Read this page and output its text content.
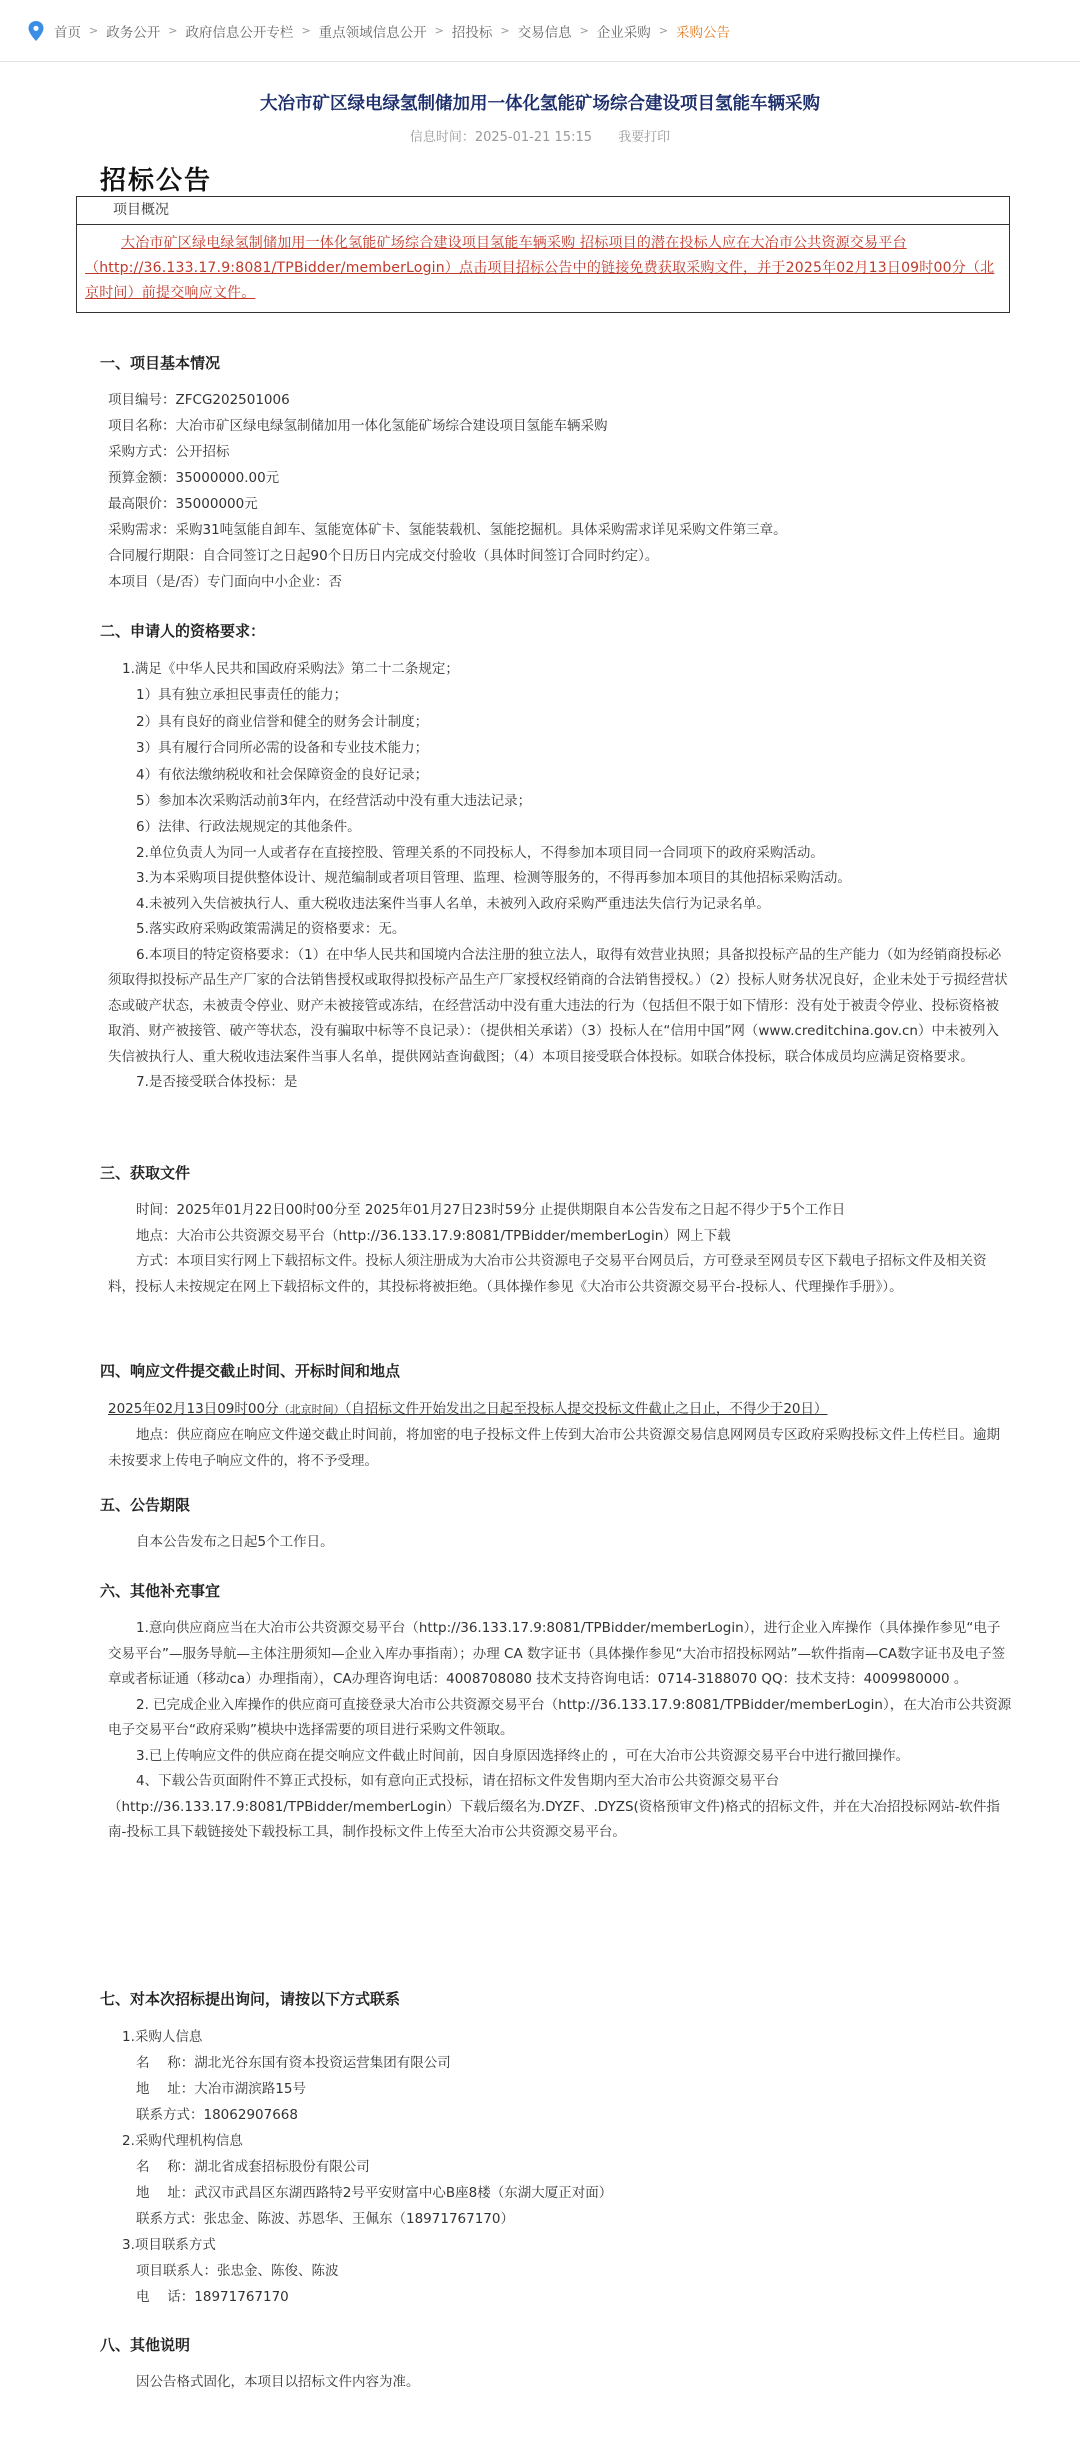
首页 > 政务公开 > 政府信息公开专栏 > 重点领域信息公开 > 招投标 > 交易信息 > 企业采购 > 采购公告
大冶市矿区绿电绿氢制储加用一体化氢能矿场综合建设项目氢能车辆采购
信息时间：2025-01-21 15:15 我要打印
招标公告
项目概况
大冶市矿区绿电绿氢制储加用一体化氢能矿场综合建设项目氢能车辆采购 招标项目的潜在投标人应在大冶市公共资源交易平台（http://36.133.17.9:8081/TPBidder/memberLogin）点击项目招标公告中的链接免费获取采购文件，并于2025年02月13日09时00分（北京时间）前提交响应文件。
一、项目基本情况
项目编号：ZFCG202501006
项目名称：大冶市矿区绿电绿氢制储加用一体化氢能矿场综合建设项目氢能车辆采购
采购方式：公开招标
预算金额：35000000.00元
最高限价：35000000元
采购需求：采购31吨氢能自卸车、氢能宽体矿卡、氢能装载机、氢能挖掘机。具体采购需求详见采购文件第三章。
合同履行期限：自合同签订之日起90个日历日内完成交付验收（具体时间签订合同时约定）。
本项目（是/否）专门面向中小企业：否
二、申请人的资格要求：
1.满足《中华人民共和国政府采购法》第二十二条规定；
1）具有独立承担民事责任的能力；
2）具有良好的商业信誉和健全的财务会计制度；
3）具有履行合同所必需的设备和专业技术能力；
4）有依法缴纳税收和社会保障资金的良好记录；
5）参加本次采购活动前3年内，在经营活动中没有重大违法记录；
6）法律、行政法规规定的其他条件。
2.单位负责人为同一人或者存在直接控股、管理关系的不同投标人，不得参加本项目同一合同项下的政府采购活动。
3.为本采购项目提供整体设计、规范编制或者项目管理、监理、检测等服务的，不得再参加本项目的其他招标采购活动。
4.未被列入失信被执行人、重大税收违法案件当事人名单，未被列入政府采购严重违法失信行为记录名单。
5.落实政府采购政策需满足的资格要求：无。
6.本项目的特定资格要求：（1）在中华人民共和国境内合法注册的独立法人，取得有效营业执照；具备拟投标产品的生产能力（如为经销商投标必须取得拟投标产品生产厂家的合法销售授权或取得拟投标产品生产厂家授权经销商的合法销售授权。）（2）投标人财务状况良好，企业未处于亏损经营状态或破产状态，未被责令停业、财产未被接管或冻结，在经营活动中没有重大违法的行为（包括但不限于如下情形：没有处于被责令停业、投标资格被取消、财产被接管、破产等状态，没有骗取中标等不良记录）：（提供相关承诺）（3）投标人在“信用中国”网（www.creditchina.gov.cn）中未被列入失信被执行人、重大税收违法案件当事人名单，提供网站查询截图；（4）本项目接受联合体投标。如联合体投标，联合体成员均应满足资格要求。
7.是否接受联合体投标：是
三、获取文件
时间：2025年01月22日00时00分至 2025年01月27日23时59分 止提供期限自本公告发布之日起不得少于5个工作日
地点：大冶市公共资源交易平台（http://36.133.17.9:8081/TPBidder/memberLogin）网上下载
方式：本项目实行网上下载招标文件。投标人须注册成为大冶市公共资源电子交易平台网员后，方可登录至网员专区下载电子招标文件及相关资料，投标人未按规定在网上下载招标文件的，其投标将被拒绝。（具体操作参见《大冶市公共资源交易平台-投标人、代理操作手册》）。
四、响应文件提交截止时间、开标时间和地点
2025年02月13日09时00分（北京时间）（自招标文件开始发出之日起至投标人提交投标文件截止之日止，不得少于20日）
地点：供应商应在响应文件递交截止时间前，将加密的电子投标文件上传到大冶市公共资源交易信息网网员专区政府采购投标文件上传栏目。逾期未按要求上传电子响应文件的，将不予受理。
五、公告期限
自本公告发布之日起5个工作日。
六、其他补充事宜
1.意向供应商应当在大冶市公共资源交易平台（http://36.133.17.9:8081/TPBidder/memberLogin），进行企业入库操作（具体操作参见“电子交易平台”—服务导航—主体注册须知—企业入库办事指南）；办理 CA 数字证书（具体操作参见“大冶市招投标网站”—软件指南—CA数字证书及电子签章或者标证通（移动ca）办理指南），CA办理咨询电话：4008708080 技术支持咨询电话：0714-3188070 QQ：技术支持：4009980000 。
2. 已完成企业入库操作的供应商可直接登录大冶市公共资源交易平台（http://36.133.17.9:8081/TPBidder/memberLogin），在大冶市公共资源电子交易平台“政府采购”模块中选择需要的项目进行采购文件领取。
3.已上传响应文件的供应商在提交响应文件截止时间前，因自身原因选择终止的 ，可在大冶市公共资源交易平台中进行撤回操作。
4、下载公告页面附件不算正式投标，如有意向正式投标，请在招标文件发售期内至大冶市公共资源交易平台（http://36.133.17.9:8081/TPBidder/memberLogin）下载后缀名为.DYZF、.DYZS(资格预审文件)格式的招标文件，并在大冶招投标网站-软件指南-投标工具下载链接处下载投标工具，制作投标文件上传至大冶市公共资源交易平台。
七、对本次招标提出询问，请按以下方式联系
1.采购人信息
名　 称：湖北光谷东国有资本投资运营集团有限公司
地　 址：大冶市湖滨路15号
联系方式：18062907668
2.采购代理机构信息
名　 称：湖北省成套招标股份有限公司
地　 址：武汉市武昌区东湖西路特2号平安财富中心B座8楼（东湖大厦正对面）
联系方式：张忠金、陈波、苏恩华、王佩东（18971767170）
3.项目联系方式
项目联系人：张忠金、陈俊、陈波
电　 话：18971767170
八、其他说明
因公告格式固化，本项目以招标文件内容为准。
